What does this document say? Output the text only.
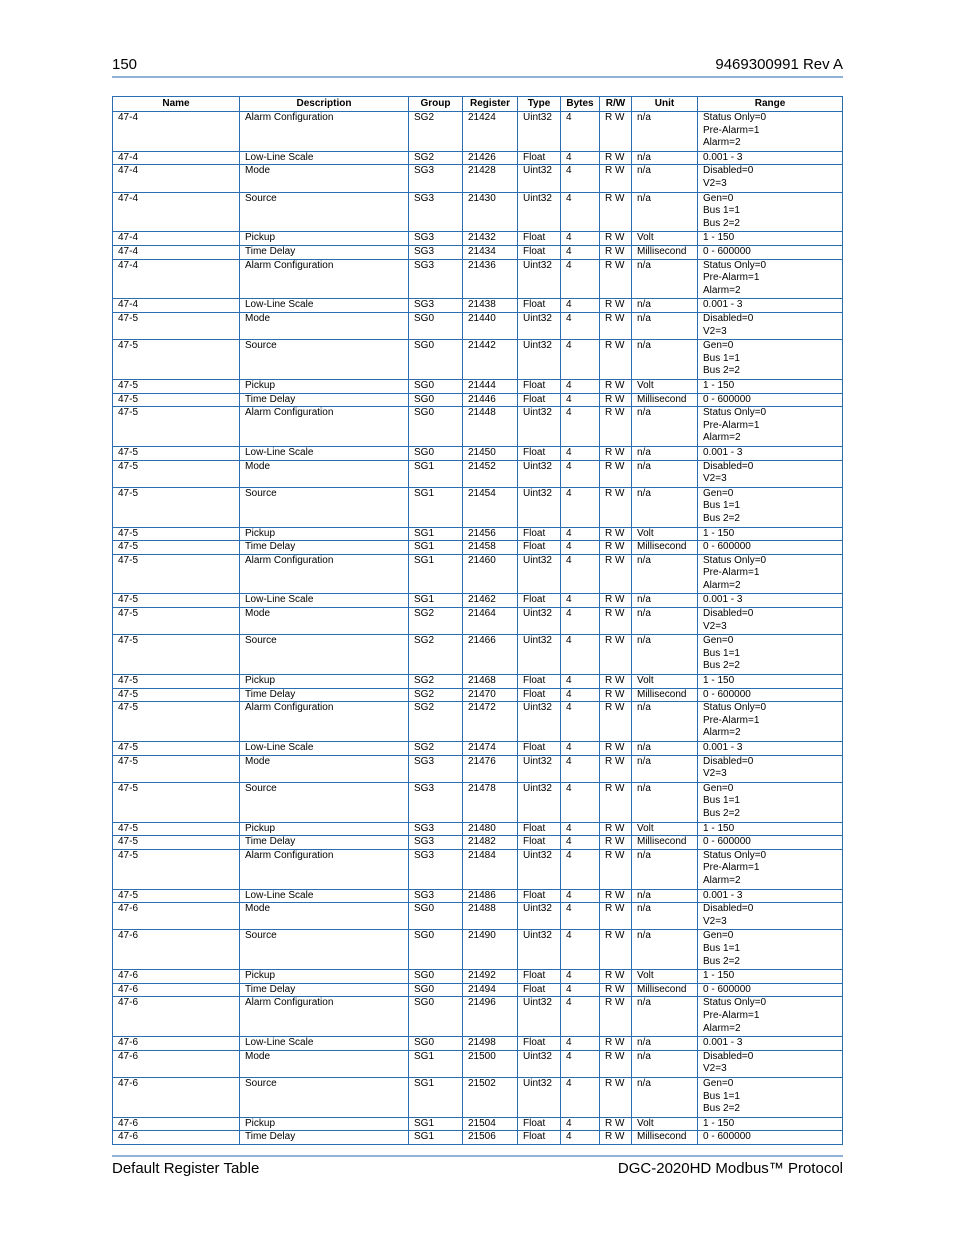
150	9469300991 Rev A
Name	Description	Group	Register	Type	Bytes	R/W	Unit	Range
47-4	Alarm Configuration	SG2	21424	Uint32	4	R W	n/a	Status Only=0
Pre-Alarm=1
Alarm=2
47-4	Low-Line Scale	SG2	21426	Float	4	R W	n/a	0.001 - 3
47-4	Mode	SG3	21428	Uint32	4	R W	n/a	Disabled=0
V2=3
47-4	Source	SG3	21430	Uint32	4	R W	n/a	Gen=0
Bus 1=1
Bus 2=2
47-4	Pickup	SG3	21432	Float	4	R W	Volt	1 - 150
47-4	Time Delay	SG3	21434	Float	4	R W	Millisecond	0 - 600000
47-4	Alarm Configuration	SG3	21436	Uint32	4	R W	n/a	Status Only=0
Pre-Alarm=1
Alarm=2
47-4	Low-Line Scale	SG3	21438	Float	4	R W	n/a	0.001 - 3
47-5	Mode	SG0	21440	Uint32	4	R W	n/a	Disabled=0
V2=3
47-5	Source	SG0	21442	Uint32	4	R W	n/a	Gen=0
Bus 1=1
Bus 2=2
47-5	Pickup	SG0	21444	Float	4	R W	Volt	1 - 150
47-5	Time Delay	SG0	21446	Float	4	R W	Millisecond	0 - 600000
47-5	Alarm Configuration	SG0	21448	Uint32	4	R W	n/a	Status Only=0
Pre-Alarm=1
Alarm=2
47-5	Low-Line Scale	SG0	21450	Float	4	R W	n/a	0.001 - 3
47-5	Mode	SG1	21452	Uint32	4	R W	n/a	Disabled=0
V2=3
47-5	Source	SG1	21454	Uint32	4	R W	n/a	Gen=0
Bus 1=1
Bus 2=2
47-5	Pickup	SG1	21456	Float	4	R W	Volt	1 - 150
47-5	Time Delay	SG1	21458	Float	4	R W	Millisecond	0 - 600000
47-5	Alarm Configuration	SG1	21460	Uint32	4	R W	n/a	Status Only=0
Pre-Alarm=1
Alarm=2
47-5	Low-Line Scale	SG1	21462	Float	4	R W	n/a	0.001 - 3
47-5	Mode	SG2	21464	Uint32	4	R W	n/a	Disabled=0
V2=3
47-5	Source	SG2	21466	Uint32	4	R W	n/a	Gen=0
Bus 1=1
Bus 2=2
47-5	Pickup	SG2	21468	Float	4	R W	Volt	1 - 150
47-5	Time Delay	SG2	21470	Float	4	R W	Millisecond	0 - 600000
47-5	Alarm Configuration	SG2	21472	Uint32	4	R W	n/a	Status Only=0
Pre-Alarm=1
Alarm=2
47-5	Low-Line Scale	SG2	21474	Float	4	R W	n/a	0.001 - 3
47-5	Mode	SG3	21476	Uint32	4	R W	n/a	Disabled=0
V2=3
47-5	Source	SG3	21478	Uint32	4	R W	n/a	Gen=0
Bus 1=1
Bus 2=2
47-5	Pickup	SG3	21480	Float	4	R W	Volt	1 - 150
47-5	Time Delay	SG3	21482	Float	4	R W	Millisecond	0 - 600000
47-5	Alarm Configuration	SG3	21484	Uint32	4	R W	n/a	Status Only=0
Pre-Alarm=1
Alarm=2
47-5	Low-Line Scale	SG3	21486	Float	4	R W	n/a	0.001 - 3
47-6	Mode	SG0	21488	Uint32	4	R W	n/a	Disabled=0
V2=3
47-6	Source	SG0	21490	Uint32	4	R W	n/a	Gen=0
Bus 1=1
Bus 2=2
47-6	Pickup	SG0	21492	Float	4	R W	Volt	1 - 150
47-6	Time Delay	SG0	21494	Float	4	R W	Millisecond	0 - 600000
47-6	Alarm Configuration	SG0	21496	Uint32	4	R W	n/a	Status Only=0
Pre-Alarm=1
Alarm=2
47-6	Low-Line Scale	SG0	21498	Float	4	R W	n/a	0.001 - 3
47-6	Mode	SG1	21500	Uint32	4	R W	n/a	Disabled=0
V2=3
47-6	Source	SG1	21502	Uint32	4	R W	n/a	Gen=0
Bus 1=1
Bus 2=2
47-6	Pickup	SG1	21504	Float	4	R W	Volt	1 - 150
47-6	Time Delay	SG1	21506	Float	4	R W	Millisecond	0 - 600000
Default Register Table	DGC-2020HD Modbus™ Protocol
